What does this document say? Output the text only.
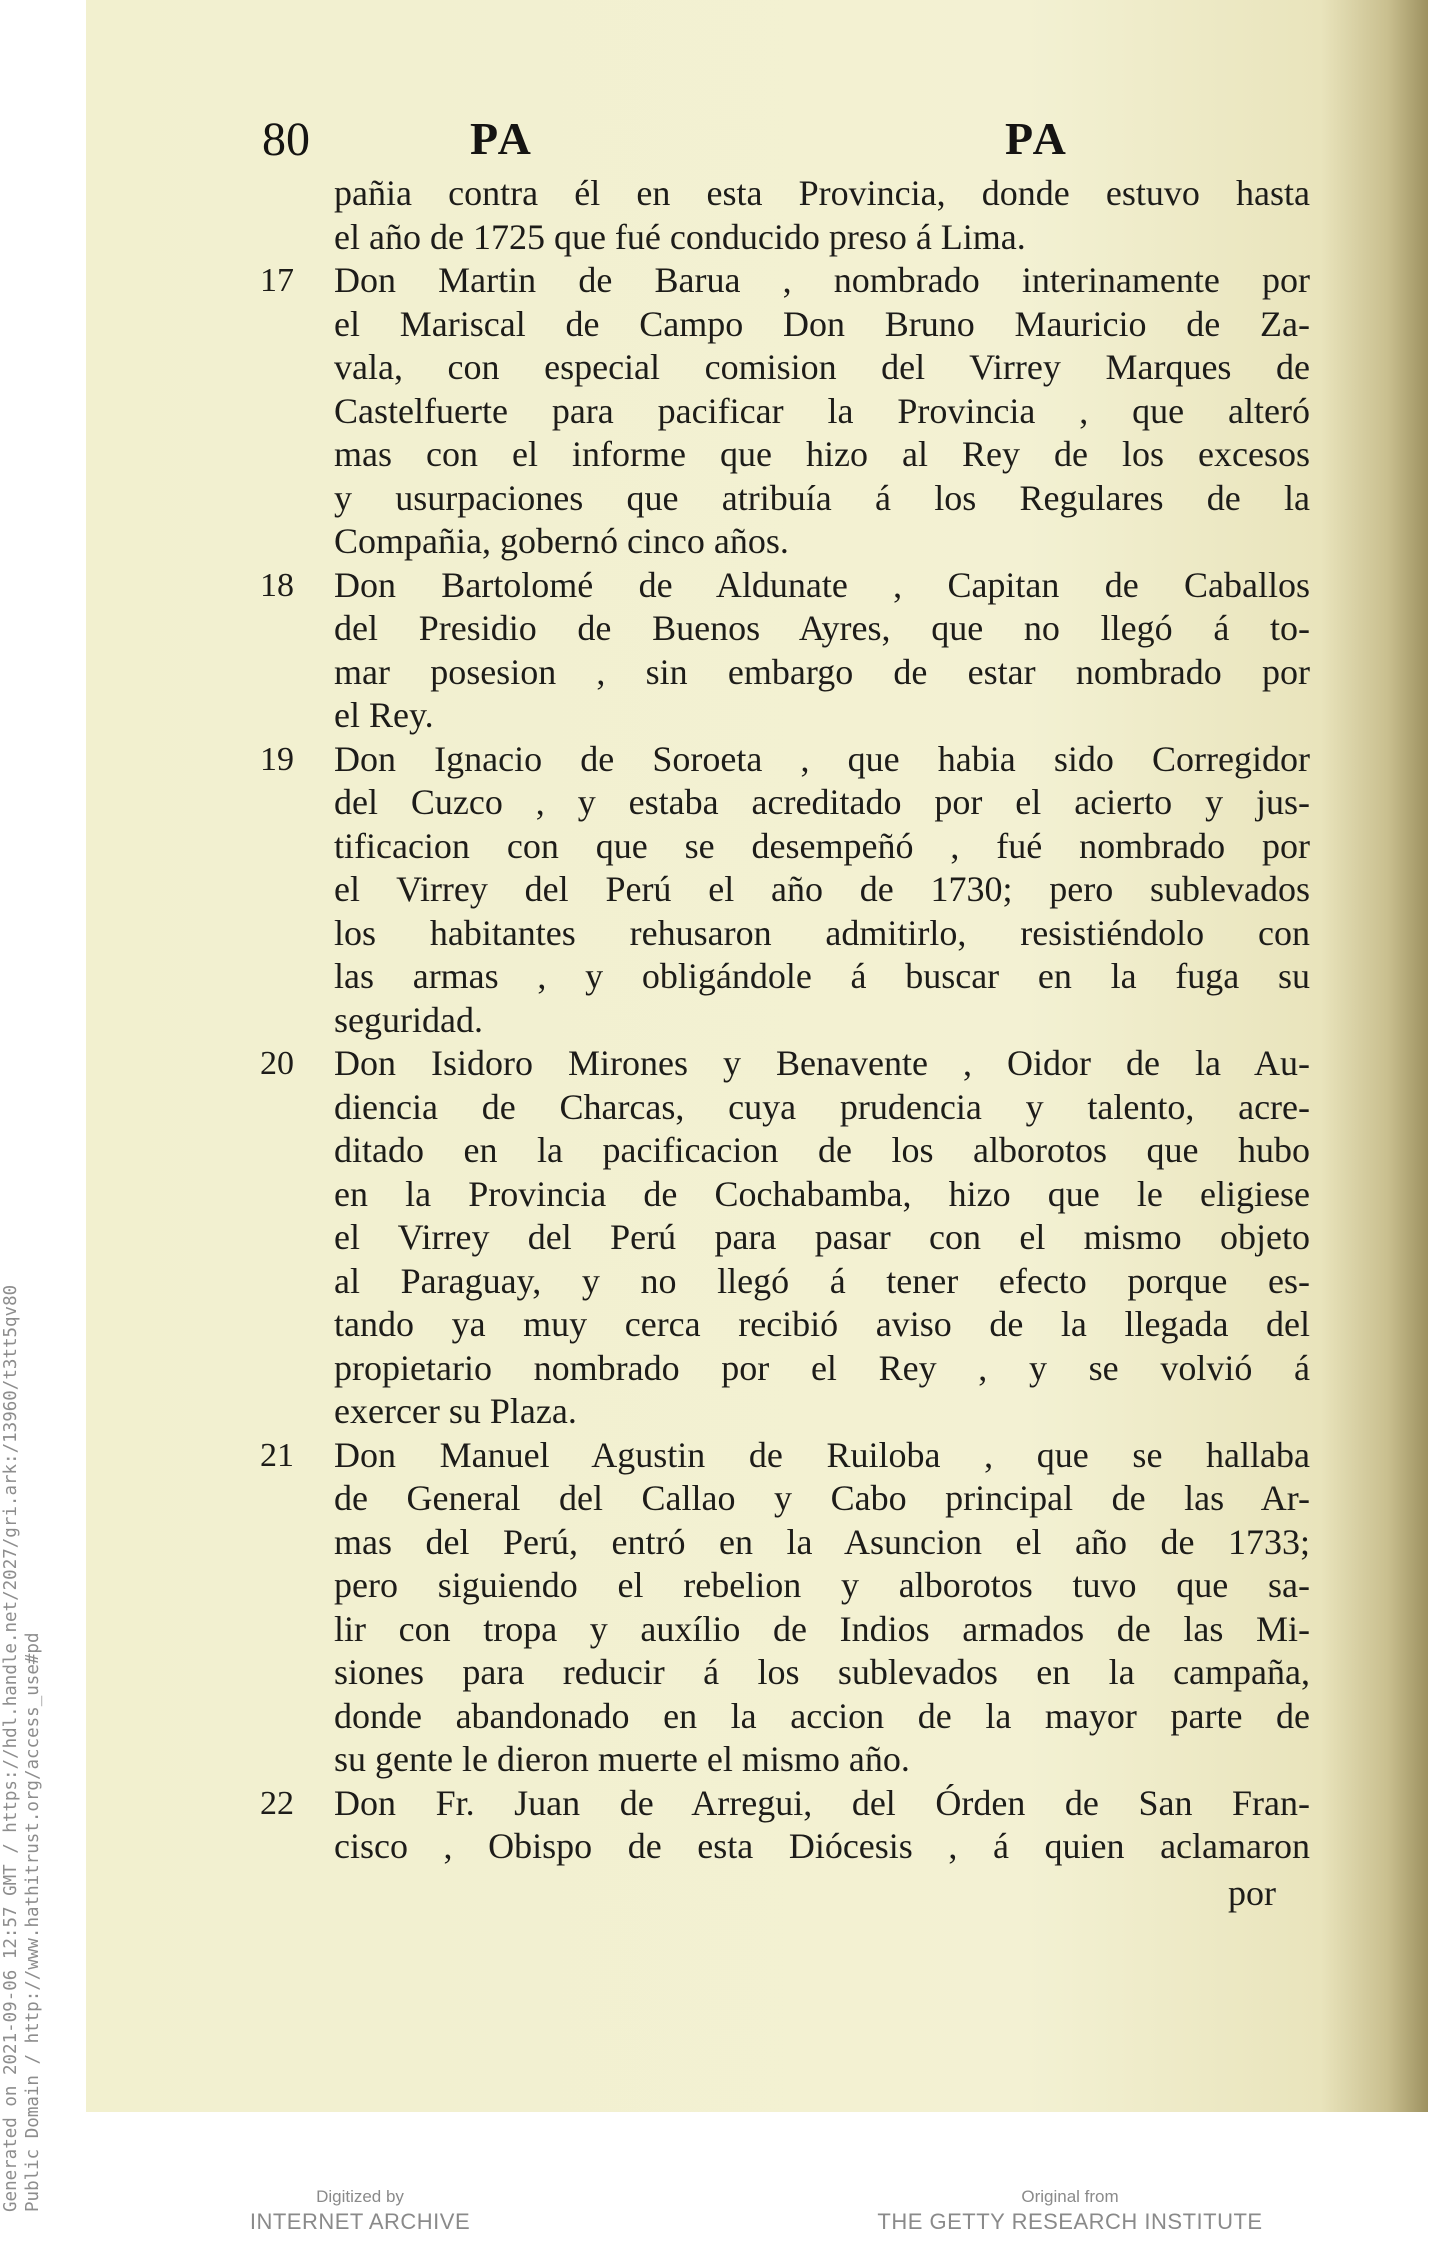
Generated on 2021-09-06 12:57 GMT / https://hdl.handle.net/2027/gri.ark:/13960/t3tt5qv80 Public Domain / http://www.hathitrust.org/access_use#pd
80	PA	PA
pañia contra él en esta Provincia, donde estuvo hasta
el año de 1725 que fué conducido preso á Lima.
17	Don Martin de Barua , nombrado interinamente por
el Mariscal de Campo Don Bruno Mauricio de Za-
vala, con especial comision del Virrey Marques de
Castelfuerte para pacificar la Provincia , que alteró
mas con el informe que hizo al Rey de los excesos
y usurpaciones que atribuía á los Regulares de la
Compañia, gobernó cinco años.
18	Don Bartolomé de Aldunate , Capitan de Caballos
del Presidio de Buenos Ayres, que no llegó á to-
mar posesion , sin embargo de estar nombrado por
el Rey.
19	Don Ignacio de Soroeta , que habia sido Corregidor
del Cuzco , y estaba acreditado por el acierto y jus-
tificacion con que se desempeñó , fué nombrado por
el Virrey del Perú el año de 1730; pero sublevados
los habitantes rehusaron admitirlo, resistiéndolo con
las armas , y obligándole á buscar en la fuga su
seguridad.
20	Don Isidoro Mirones y Benavente , Oidor de la Au-
diencia de Charcas, cuya prudencia y talento, acre-
ditado en la pacificacion de los alborotos que hubo
en la Provincia de Cochabamba, hizo que le eligiese
el Virrey del Perú para pasar con el mismo objeto
al Paraguay, y no llegó á tener efecto porque es-
tando ya muy cerca recibió aviso de la llegada del
propietario nombrado por el Rey , y se volvió á
exercer su Plaza.
21	Don Manuel Agustin de Ruiloba , que se hallaba
de General del Callao y Cabo principal de las Ar-
mas del Perú, entró en la Asuncion el año de 1733;
pero siguiendo el rebelion y alborotos tuvo que sa-
lir con tropa y auxílio de Indios armados de las Mi-
siones para reducir á los sublevados en la campaña,
donde abandonado en la accion de la mayor parte de
su gente le dieron muerte el mismo año.
22	Don Fr. Juan de Arregui, del Órden de San Fran-
cisco , Obispo de esta Diócesis , á quien aclamaron
por
Digitized by
INTERNET ARCHIVE
Original from
THE GETTY RESEARCH INSTITUTE
